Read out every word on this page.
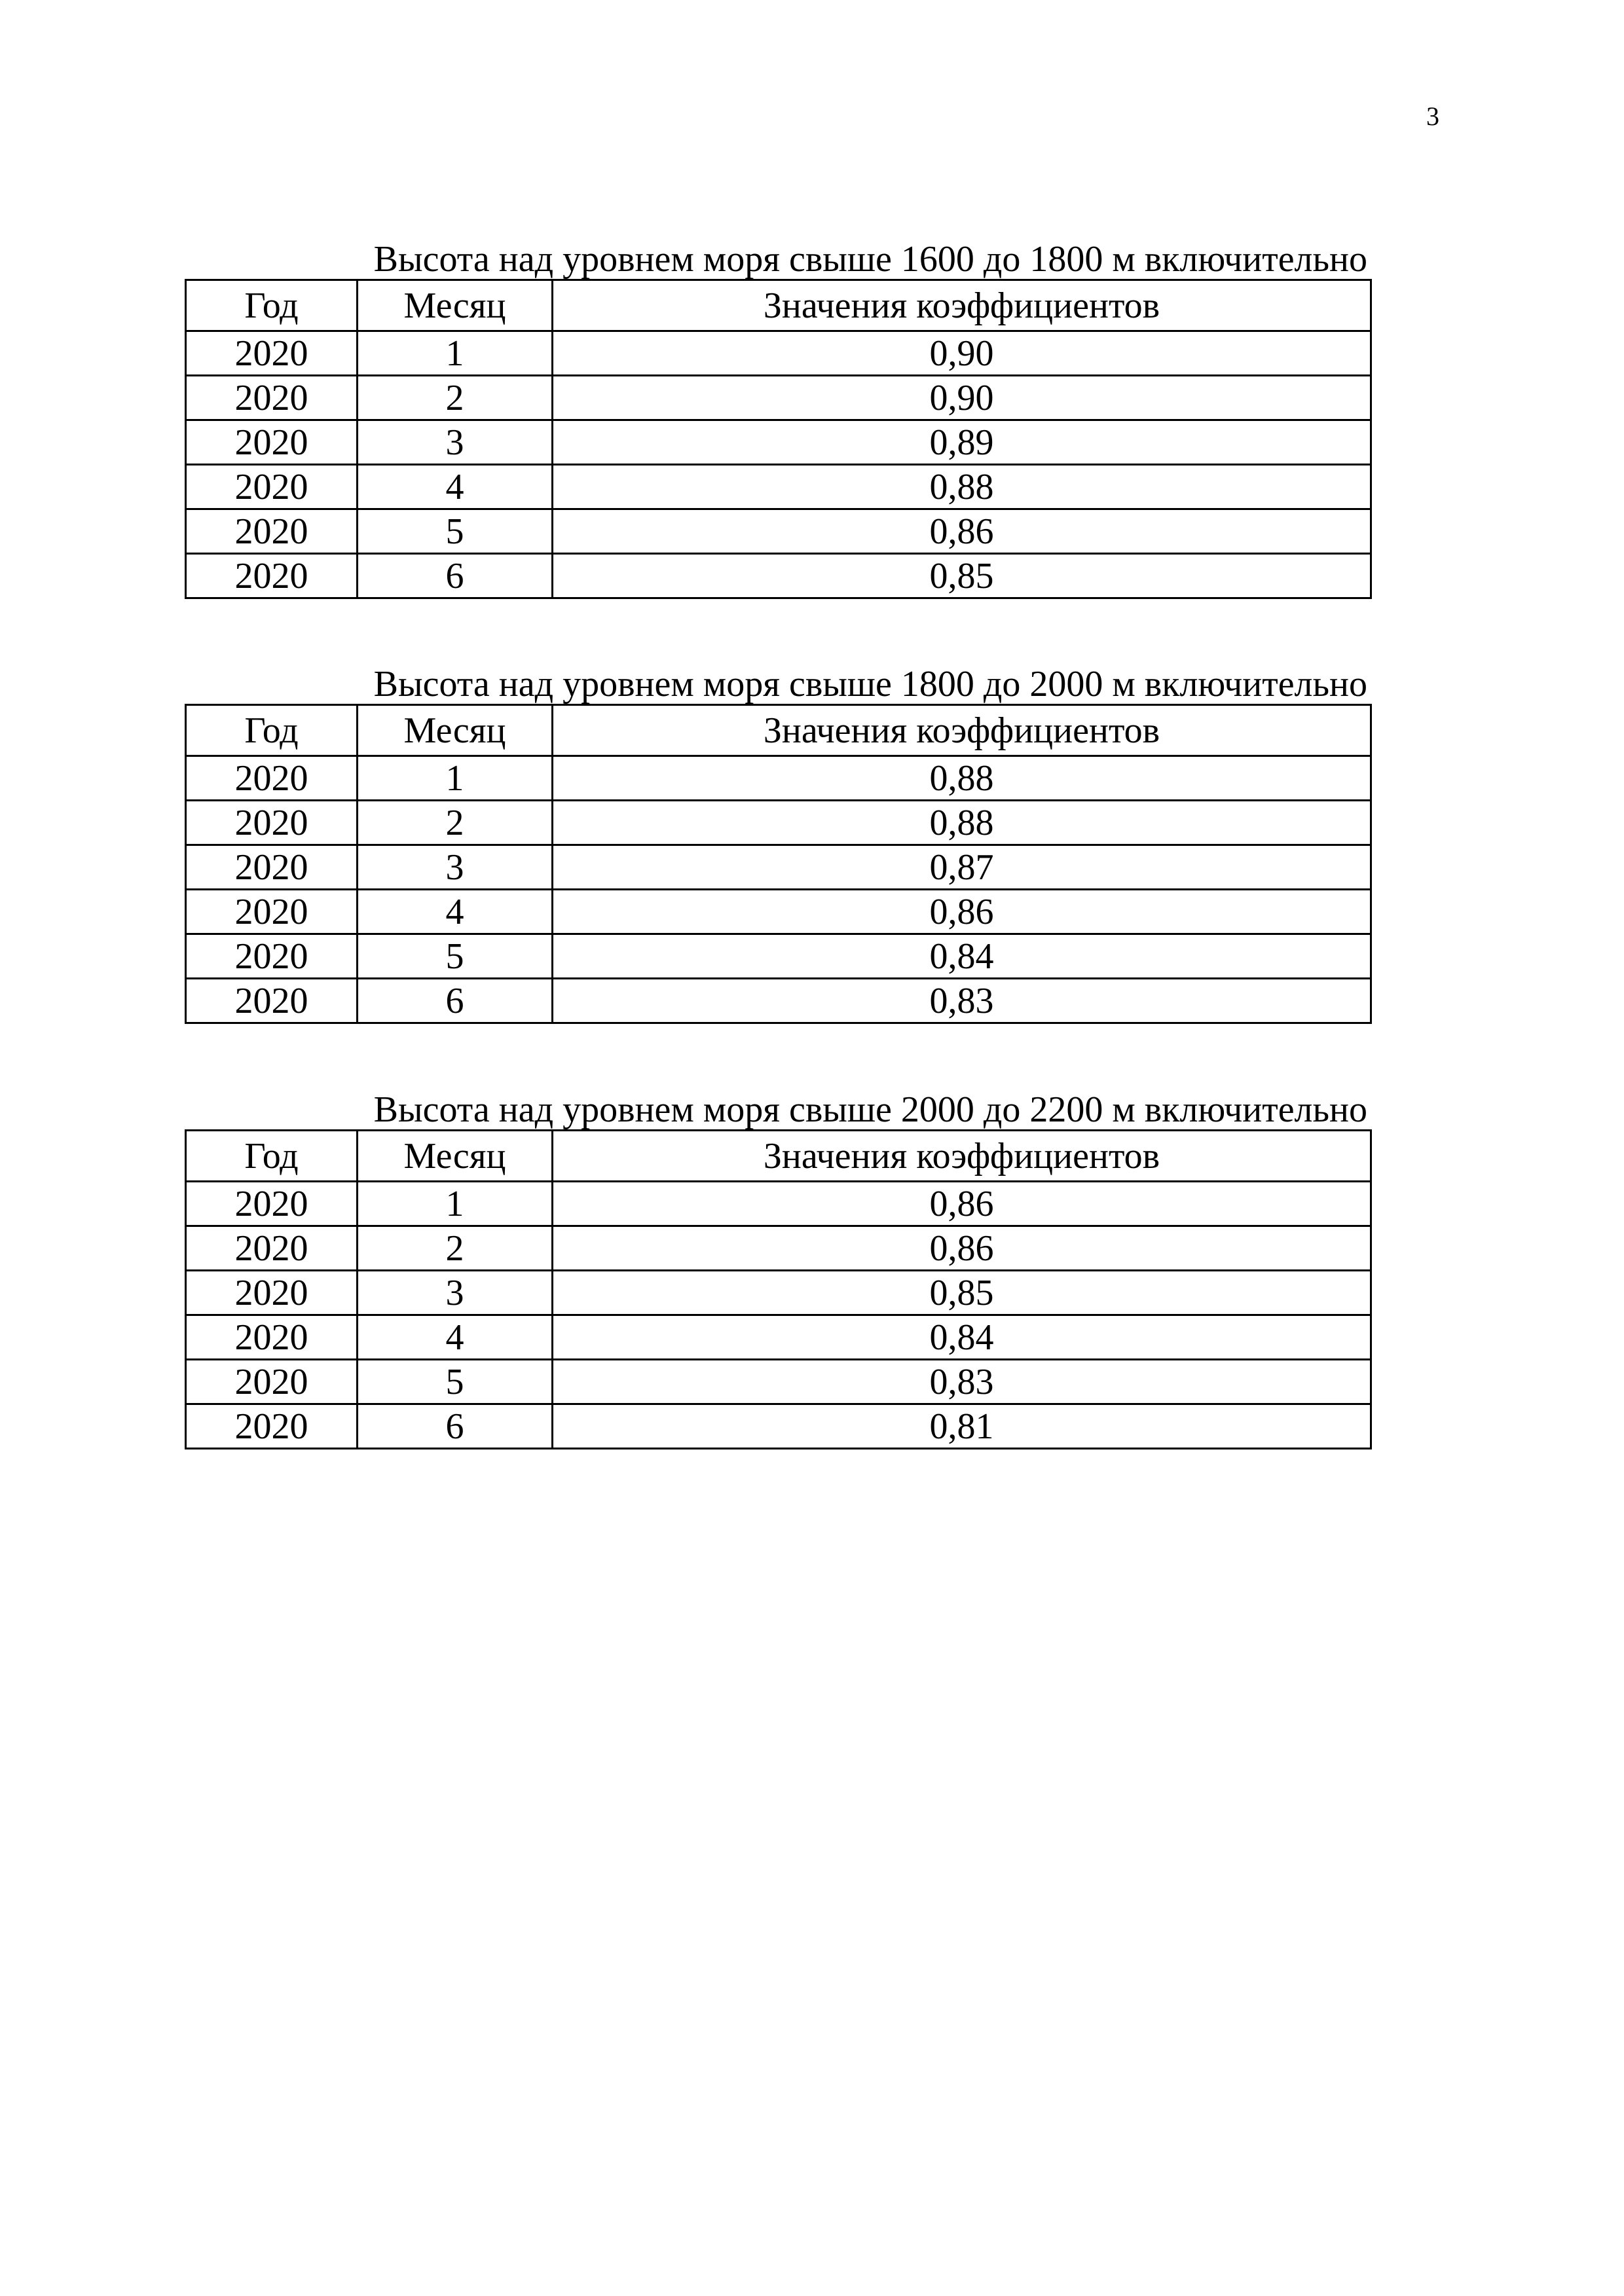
3
Высота над уровнем моря свыше 1600 до 1800 м включительно
Год	Месяц	Значения коэффициентов
2020	1	0,90
2020	2	0,90
2020	3	0,89
2020	4	0,88
2020	5	0,86
2020	6	0,85
Высота над уровнем моря свыше 1800 до 2000 м включительно
Год	Месяц	Значения коэффициентов
2020	1	0,88
2020	2	0,88
2020	3	0,87
2020	4	0,86
2020	5	0,84
2020	6	0,83
Высота над уровнем моря свыше 2000 до 2200 м включительно
Год	Месяц	Значения коэффициентов
2020	1	0,86
2020	2	0,86
2020	3	0,85
2020	4	0,84
2020	5	0,83
2020	6	0,81
